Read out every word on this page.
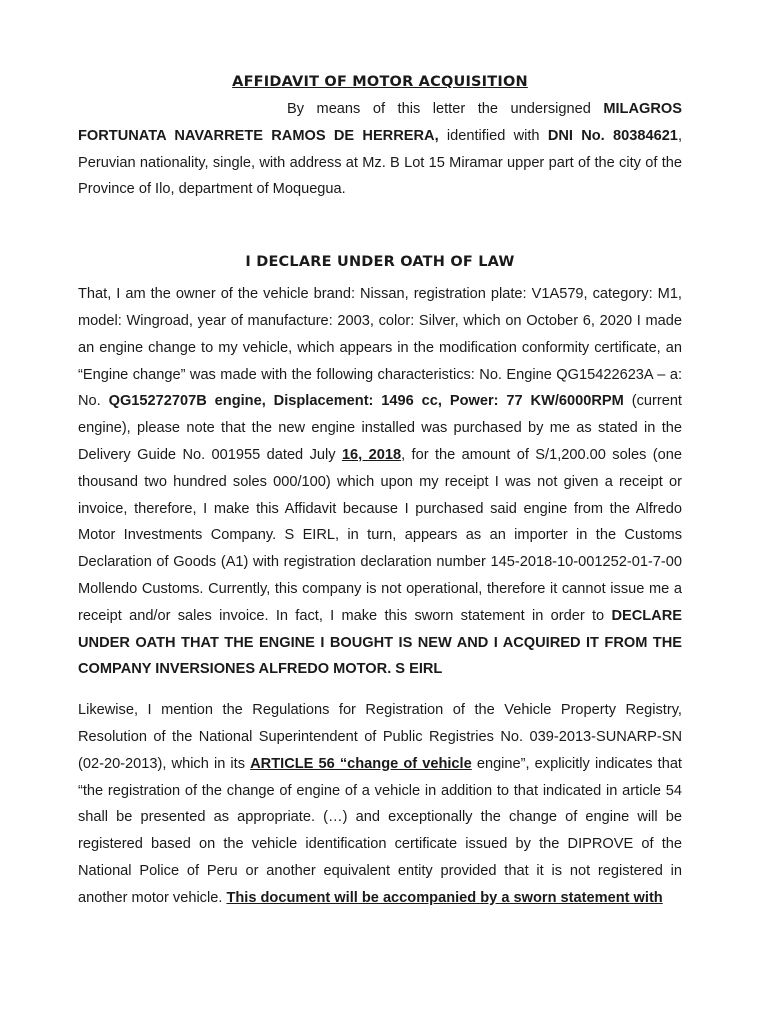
AFFIDAVIT OF MOTOR ACQUISITION

By means of this letter the undersigned MILAGROS FORTUNATA NAVARRETE RAMOS DE HERRERA, identified with DNI No. 80384621, Peruvian nationality, single, with address at Mz. B Lot 15 Miramar upper part of the city of the Province of Ilo, department of Moquegua.

I DECLARE UNDER OATH OF LAW

That, I am the owner of the vehicle brand: Nissan, registration plate: V1A579, category: M1, model: Wingroad, year of manufacture: 2003, color: Silver, which on October 6, 2020 I made an engine change to my vehicle, which appears in the modification conformity certificate, an “Engine change” was made with the following characteristics: No. Engine QG15422623A – a: No. QG15272707B engine, Displacement: 1496 cc, Power: 77 KW/6000RPM (current engine), please note that the new engine installed was purchased by me as stated in the Delivery Guide No. 001955 dated July 16, 2018, for the amount of S/1,200.00 soles (one thousand two hundred soles 000/100) which upon my receipt I was not given a receipt or invoice, therefore, I make this Affidavit because I purchased said engine from the Alfredo Motor Investments Company. S EIRL, in turn, appears as an importer in the Customs Declaration of Goods (A1) with registration declaration number 145-2018-10-001252-01-7-00 Mollendo Customs. Currently, this company is not operational, therefore it cannot issue me a receipt and/or sales invoice. In fact, I make this sworn statement in order to DECLARE UNDER OATH THAT THE ENGINE I BOUGHT IS NEW AND I ACQUIRED IT FROM THE COMPANY INVERSIONES ALFREDO MOTOR. S EIRL

Likewise, I mention the Regulations for Registration of the Vehicle Property Registry, Resolution of the National Superintendent of Public Registries No. 039-2013-SUNARP-SN (02-20-2013), which in its ARTICLE 56 “change of vehicle engine”, explicitly indicates that “the registration of the change of engine of a vehicle in addition to that indicated in article 54 shall be presented as appropriate. (…) and exceptionally the change of engine will be registered based on the vehicle identification certificate issued by the DIPROVE of the National Police of Peru or another equivalent entity provided that it is not registered in another motor vehicle. This document will be accompanied by a sworn statement with
